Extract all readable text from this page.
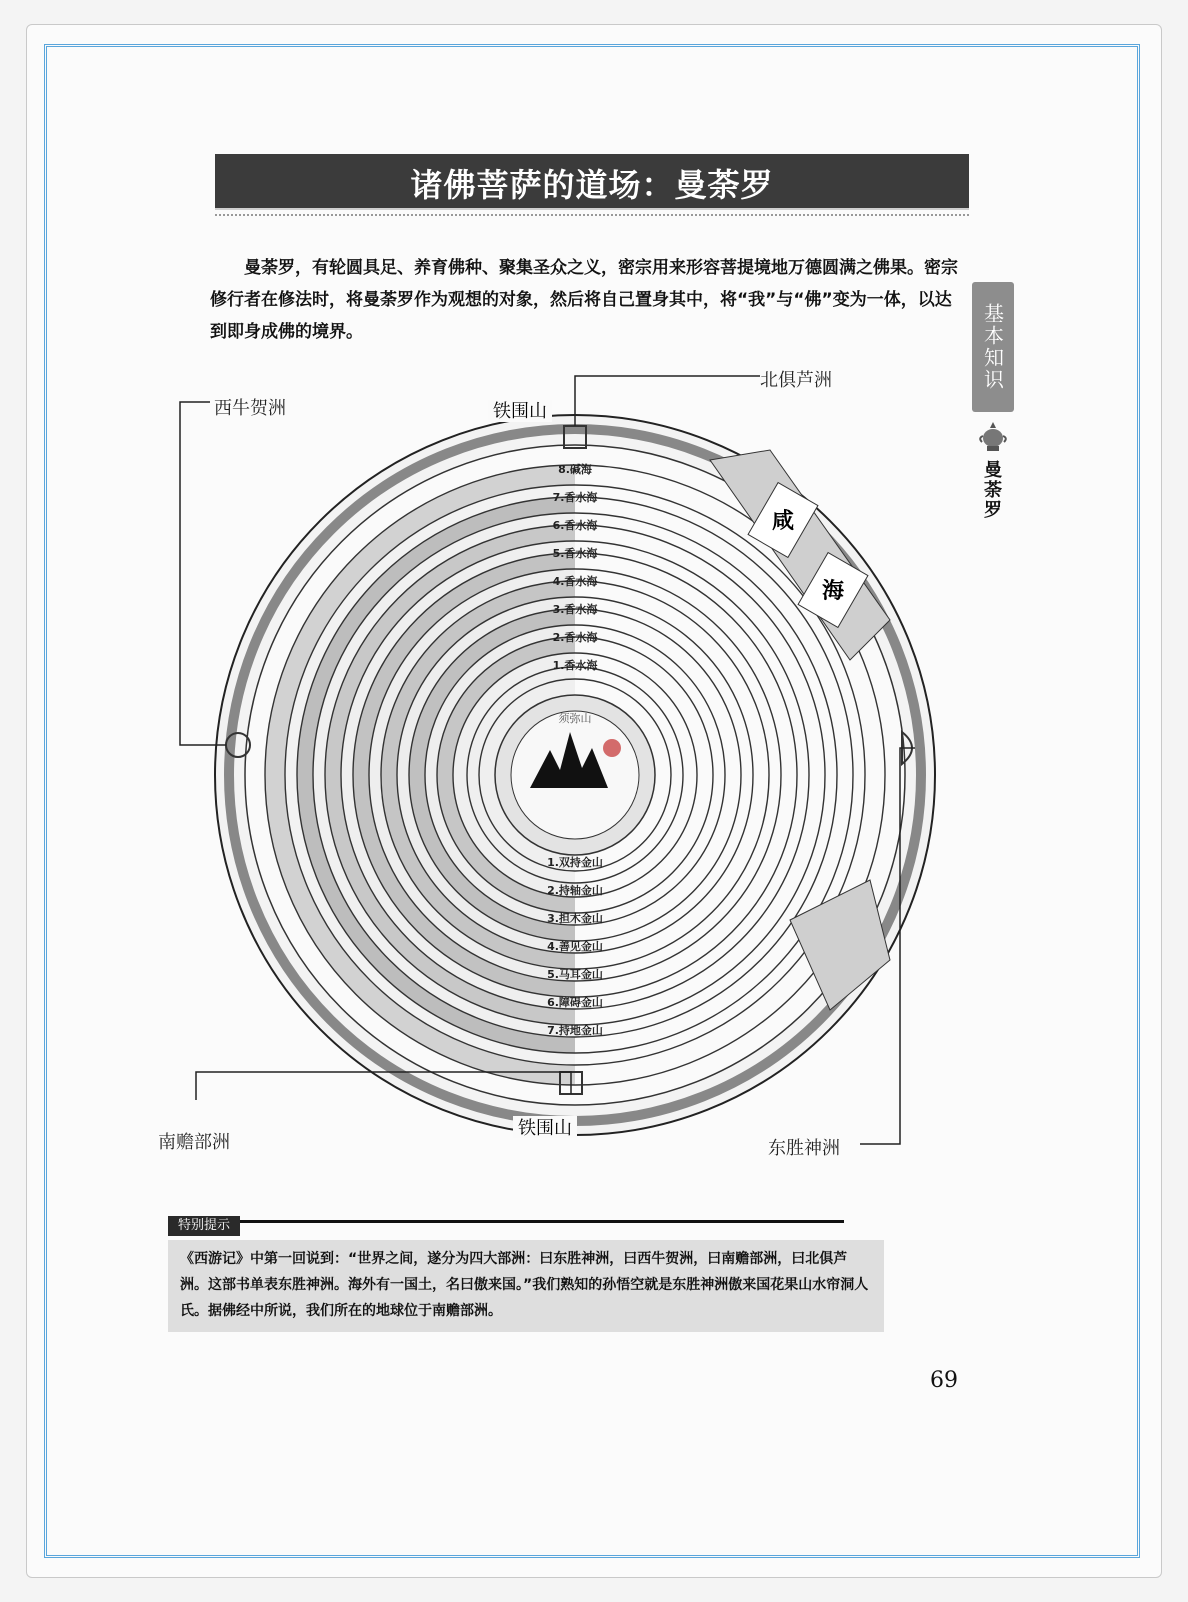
诸佛菩萨的道场：曼荼罗

曼荼罗，有轮圆具足、养育佛种、聚集圣众之义，密宗用来形容菩提境地万德圆满之佛果。密宗修行者在修法时，将曼荼罗作为观想的对象，然后将自己置身其中，将“我”与“佛”变为一体，以达到即身成佛的境界。	基本知识
曼荼罗
咸
海
须弥山
8.碱海
7.香水海
6.香水海
5.香水海
4.香水海
3.香水海
2.香水海
1.香水海
1.双持金山
2.持轴金山
3.担木金山
4.善见金山
5.马耳金山
6.障碍金山
7.持地金山
铁围山
铁围山
北俱芦洲
西牛贺洲
南赡部洲	东胜神洲
特别提示
《西游记》中第一回说到：“世界之间，遂分为四大部洲：曰东胜神洲，曰西牛贺洲，曰南赡部洲，曰北俱芦洲。这部书单表东胜神洲。海外有一国土，名曰傲来国。”我们熟知的孙悟空就是东胜神洲傲来国花果山水帘洞人氏。据佛经中所说，我们所在的地球位于南赡部洲。
69
